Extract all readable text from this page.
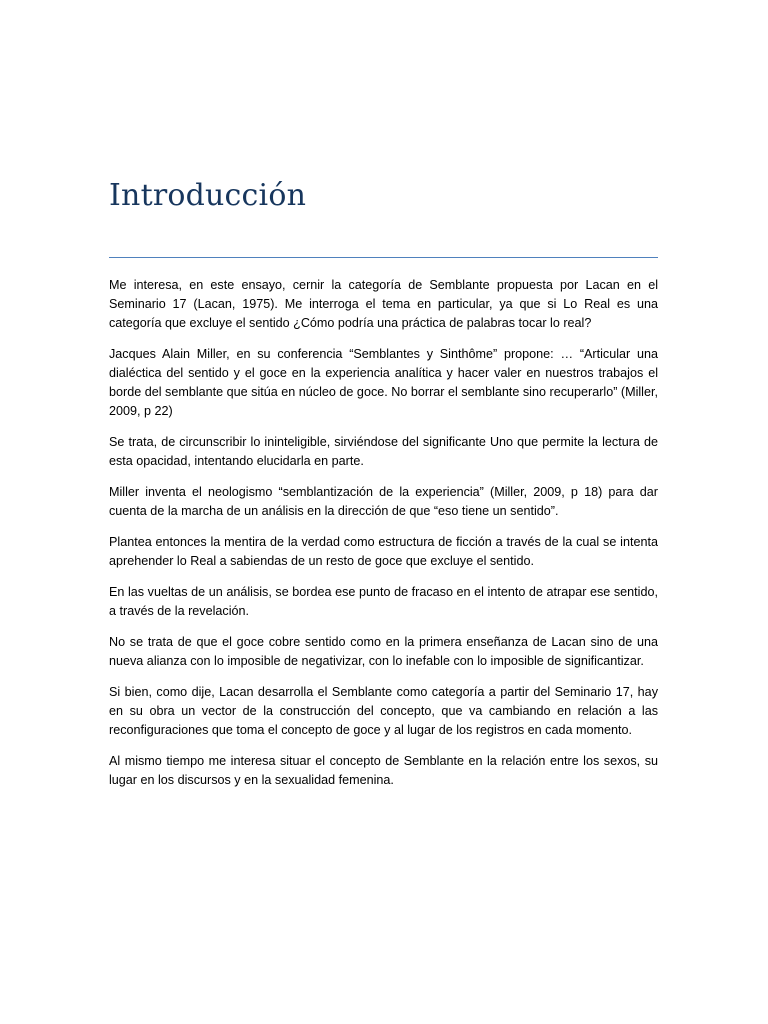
Introducción

Me interesa, en este ensayo, cernir la categoría de Semblante propuesta por Lacan en el Seminario 17 (Lacan, 1975). Me interroga el tema en particular, ya que si Lo Real es una categoría que excluye el sentido ¿Cómo podría una práctica de palabras tocar lo real?

Jacques Alain Miller, en su conferencia “Semblantes y Sinthôme” propone: … “Articular una dialéctica del sentido y el goce en la experiencia analítica y hacer valer en nuestros trabajos el borde del semblante que sitúa en núcleo de goce. No borrar el semblante sino recuperarlo” (Miller, 2009, p 22)

Se trata, de circunscribir lo ininteligible, sirviéndose del significante Uno que permite la lectura de esta opacidad, intentando elucidarla en parte.

Miller inventa el neologismo “semblantización de la experiencia” (Miller, 2009, p 18) para dar cuenta de la marcha de un análisis en la dirección de que “eso tiene un sentido”.

Plantea entonces la mentira de la verdad como estructura de ficción a través de la cual se intenta aprehender lo Real a sabiendas de un resto de goce que excluye el sentido.

En las vueltas de un análisis, se bordea ese punto de fracaso en el intento de atrapar ese sentido, a través de la revelación.

No se trata de que el goce cobre sentido como en la primera enseñanza de Lacan sino de una nueva alianza con lo imposible de negativizar, con lo inefable con lo imposible de significantizar.

Si bien, como dije, Lacan desarrolla el Semblante como categoría a partir del Seminario 17, hay en su obra un vector de la construcción del concepto, que va cambiando en relación a las reconfiguraciones que toma el concepto de goce y al lugar de los registros en cada momento.

Al mismo tiempo me interesa situar el concepto de Semblante en la relación entre los sexos, su lugar en los discursos y en la sexualidad femenina.
